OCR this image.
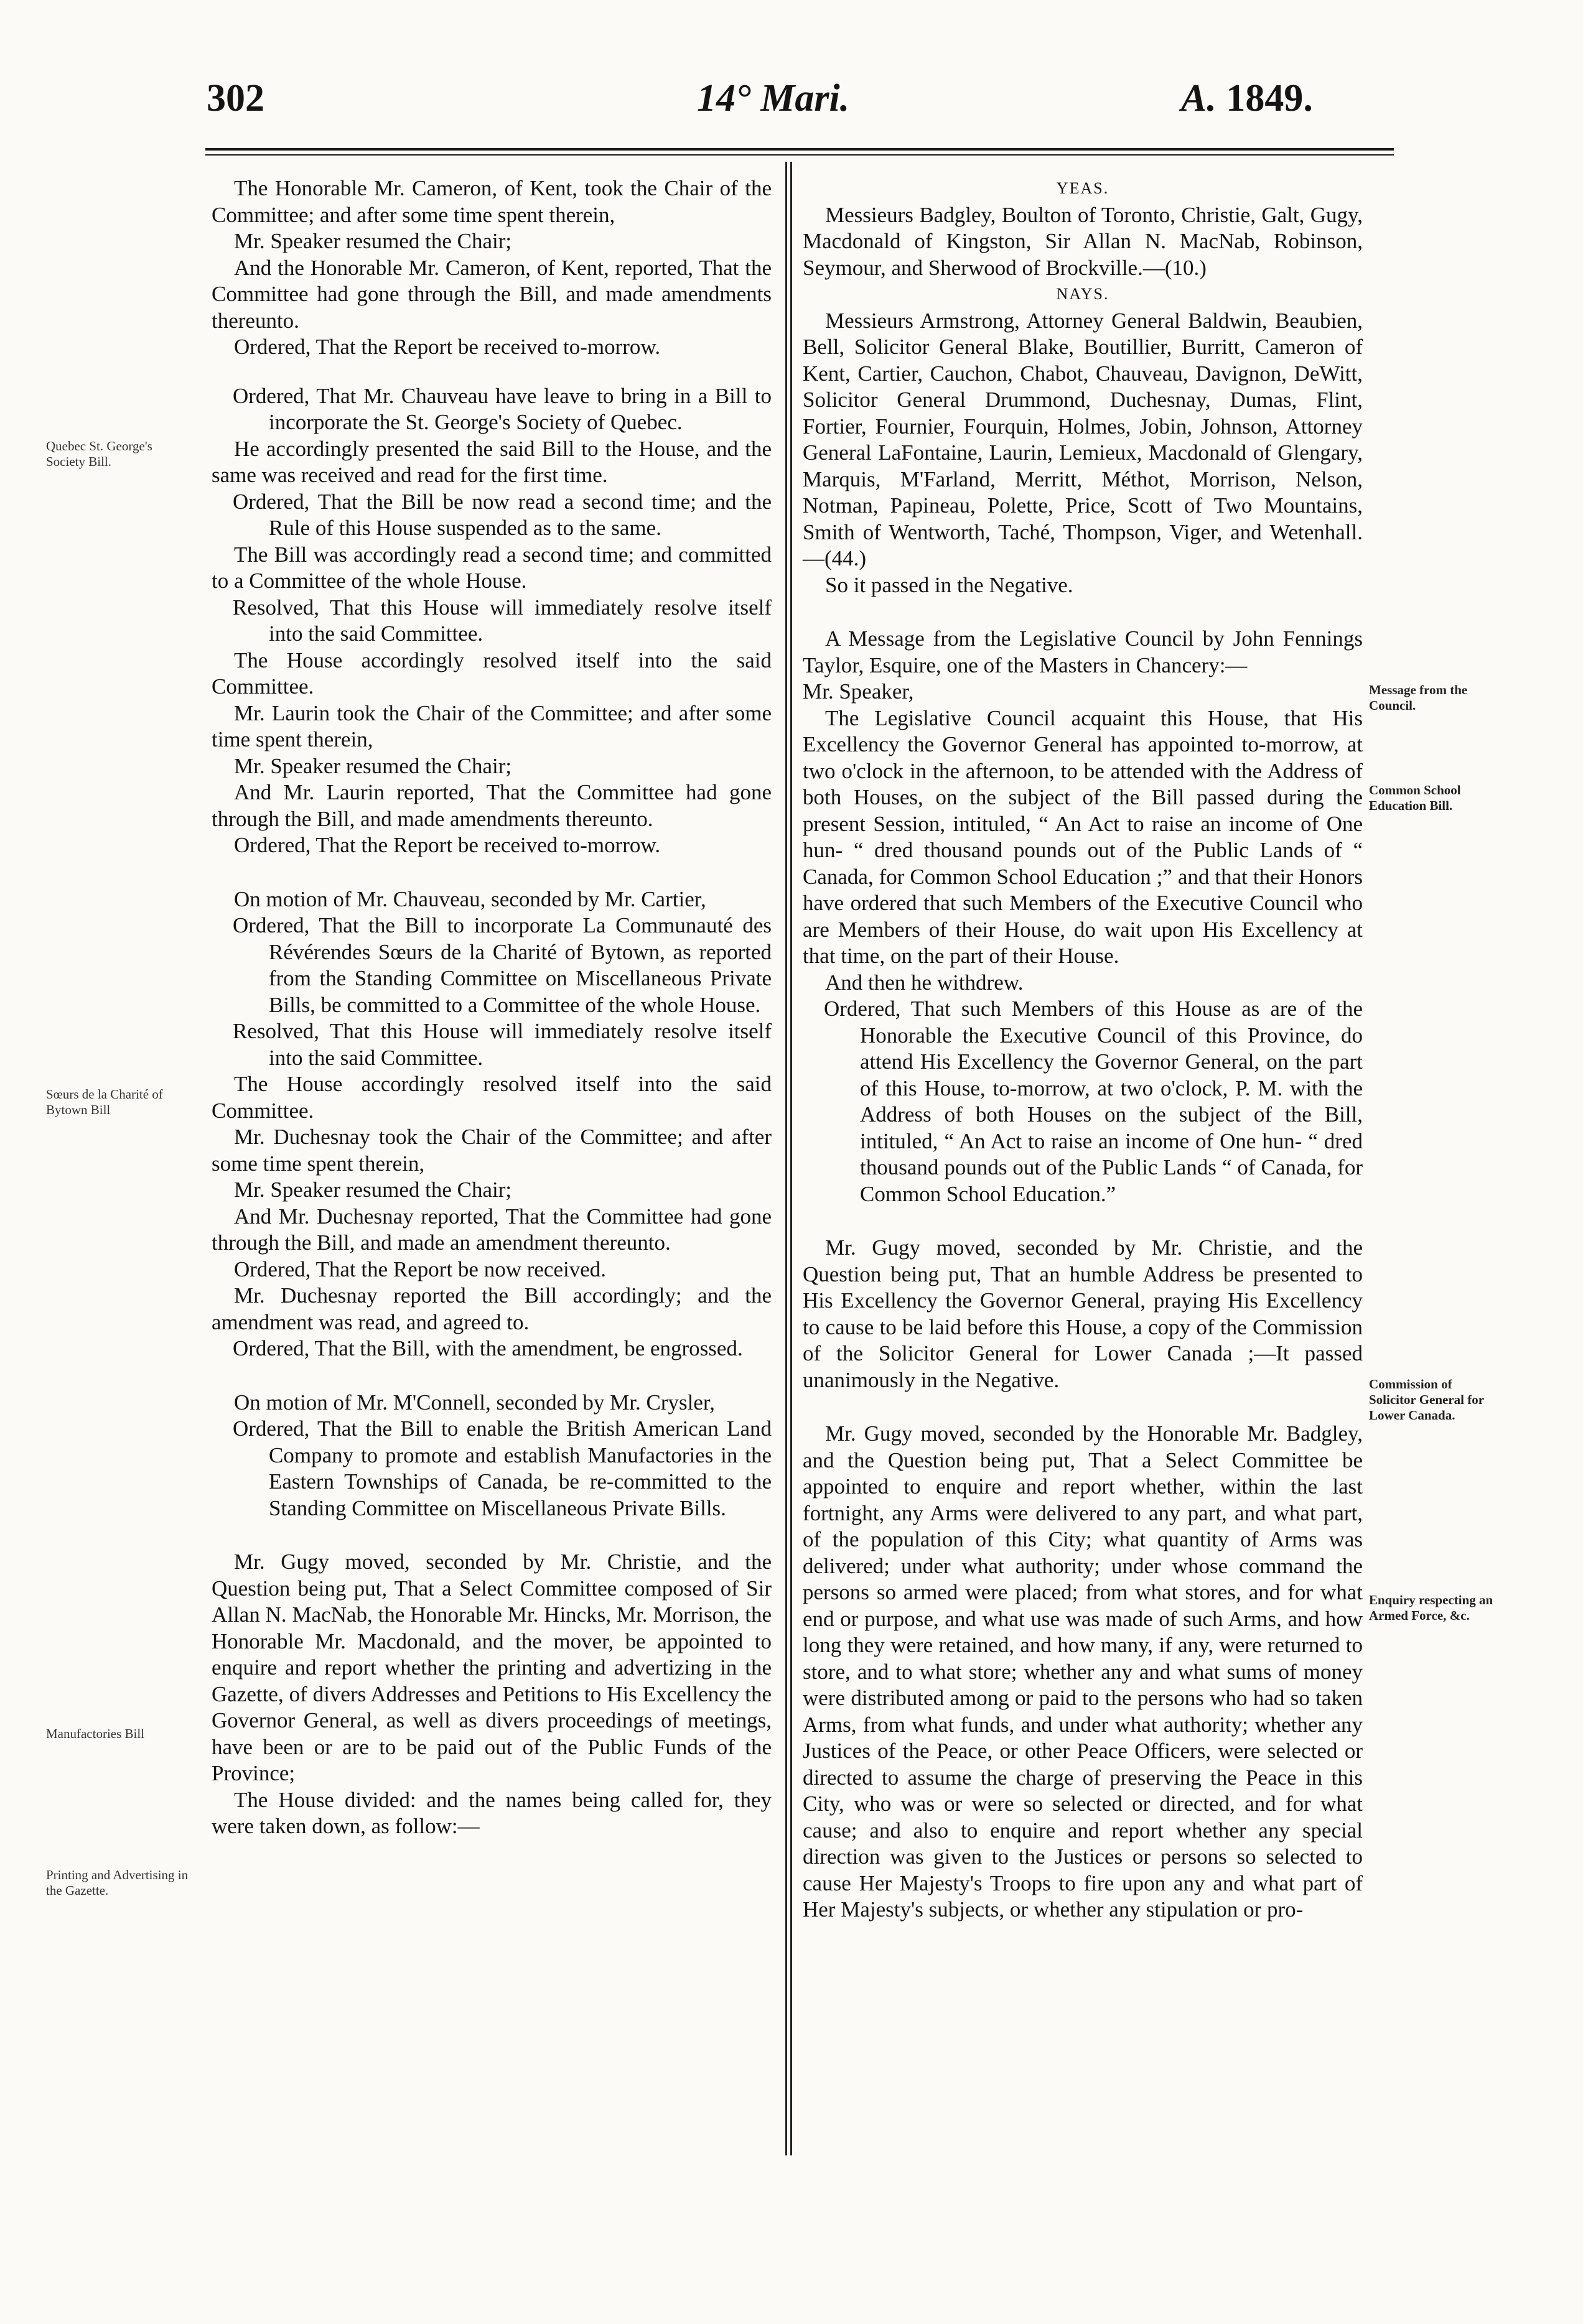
302	14° Mari.	A. 1849.
Quebec St. George's Society Bill.
Sœurs de la Charité of Bytown Bill
Manufactories Bill
Printing and Advertising in the Gazette.
Message from the Council.
Common School Education Bill.
Commission of Solicitor General for Lower Canada.
Enquiry respecting an Armed Force, &c.

The Honorable Mr. Cameron, of Kent, took the Chair of the Committee; and after some time spent therein,

Mr. Speaker resumed the Chair;

And the Honorable Mr. Cameron, of Kent, reported, That the Committee had gone through the Bill, and made amendments thereunto.

Ordered, That the Report be received to-morrow.

Ordered, That Mr. Chauveau have leave to bring in a Bill to incorporate the St. George's Society of Quebec.

He accordingly presented the said Bill to the House, and the same was received and read for the first time.

Ordered, That the Bill be now read a second time; and the Rule of this House suspended as to the same.

The Bill was accordingly read a second time; and committed to a Committee of the whole House.

Resolved, That this House will immediately resolve itself into the said Committee.

The House accordingly resolved itself into the said Committee.

Mr. Laurin took the Chair of the Committee; and after some time spent therein,

Mr. Speaker resumed the Chair;

And Mr. Laurin reported, That the Committee had gone through the Bill, and made amendments thereunto.

Ordered, That the Report be received to-morrow.

On motion of Mr. Chauveau, seconded by Mr. Cartier,

Ordered, That the Bill to incorporate La Communauté des Révérendes Sœurs de la Charité of Bytown, as reported from the Standing Committee on Miscellaneous Private Bills, be committed to a Committee of the whole House.

Resolved, That this House will immediately resolve itself into the said Committee.

The House accordingly resolved itself into the said Committee.

Mr. Duchesnay took the Chair of the Committee; and after some time spent therein,

Mr. Speaker resumed the Chair;

And Mr. Duchesnay reported, That the Committee had gone through the Bill, and made an amendment thereunto.

Ordered, That the Report be now received.

Mr. Duchesnay reported the Bill accordingly; and the amendment was read, and agreed to.

Ordered, That the Bill, with the amendment, be engrossed.

On motion of Mr. M'Connell, seconded by Mr. Crysler,

Ordered, That the Bill to enable the British American Land Company to promote and establish Manufactories in the Eastern Townships of Canada, be re-committed to the Standing Committee on Miscellaneous Private Bills.

Mr. Gugy moved, seconded by Mr. Christie, and the Question being put, That a Select Committee composed of Sir Allan N. MacNab, the Honorable Mr. Hincks, Mr. Morrison, the Honorable Mr. Macdonald, and the mover, be appointed to enquire and report whether the printing and advertizing in the Gazette, of divers Addresses and Petitions to His Excellency the Governor General, as well as divers proceedings of meetings, have been or are to be paid out of the Public Funds of the Province;

The House divided: and the names being called for, they were taken down, as follow:—

YEAS.

Messieurs Badgley, Boulton of Toronto, Christie, Galt, Gugy, Macdonald of Kingston, Sir Allan N. MacNab, Robinson, Seymour, and Sherwood of Brockville.—(10.)

NAYS.

Messieurs Armstrong, Attorney General Baldwin, Beaubien, Bell, Solicitor General Blake, Boutillier, Burritt, Cameron of Kent, Cartier, Cauchon, Chabot, Chauveau, Davignon, DeWitt, Solicitor General Drummond, Duchesnay, Dumas, Flint, Fortier, Fournier, Fourquin, Holmes, Jobin, Johnson, Attorney General LaFontaine, Laurin, Lemieux, Macdonald of Glengary, Marquis, M'Farland, Merritt, Méthot, Morrison, Nelson, Notman, Papineau, Polette, Price, Scott of Two Mountains, Smith of Wentworth, Taché, Thompson, Viger, and Wetenhall.—(44.)

So it passed in the Negative.

A Message from the Legislative Council by John Fennings Taylor, Esquire, one of the Masters in Chancery:—

Mr. Speaker,

The Legislative Council acquaint this House, that His Excellency the Governor General has appointed to-morrow, at two o'clock in the afternoon, to be attended with the Address of both Houses, on the subject of the Bill passed during the present Session, intituled, “ An Act to raise an income of One hun- “ dred thousand pounds out of the Public Lands of “ Canada, for Common School Education ;” and that their Honors have ordered that such Members of the Executive Council who are Members of their House, do wait upon His Excellency at that time, on the part of their House.

And then he withdrew.

Ordered, That such Members of this House as are of the Honorable the Executive Council of this Province, do attend His Excellency the Governor General, on the part of this House, to-morrow, at two o'clock, P. M. with the Address of both Houses on the subject of the Bill, intituled, “ An Act to raise an income of One hun- “ dred thousand pounds out of the Public Lands “ of Canada, for Common School Education.”

Mr. Gugy moved, seconded by Mr. Christie, and the Question being put, That an humble Address be presented to His Excellency the Governor General, praying His Excellency to cause to be laid before this House, a copy of the Commission of the Solicitor General for Lower Canada ;—It passed unanimously in the Negative.

Mr. Gugy moved, seconded by the Honorable Mr. Badgley, and the Question being put, That a Select Committee be appointed to enquire and report whether, within the last fortnight, any Arms were delivered to any part, and what part, of the population of this City; what quantity of Arms was delivered; under what authority; under whose command the persons so armed were placed; from what stores, and for what end or purpose, and what use was made of such Arms, and how long they were retained, and how many, if any, were returned to store, and to what store; whether any and what sums of money were distributed among or paid to the persons who had so taken Arms, from what funds, and under what authority; whether any Justices of the Peace, or other Peace Officers, were selected or directed to assume the charge of preserving the Peace in this City, who was or were so selected or directed, and for what cause; and also to enquire and report whether any special direction was given to the Justices or persons so selected to cause Her Majesty's Troops to fire upon any and what part of Her Majesty's subjects, or whether any stipulation or pro-
